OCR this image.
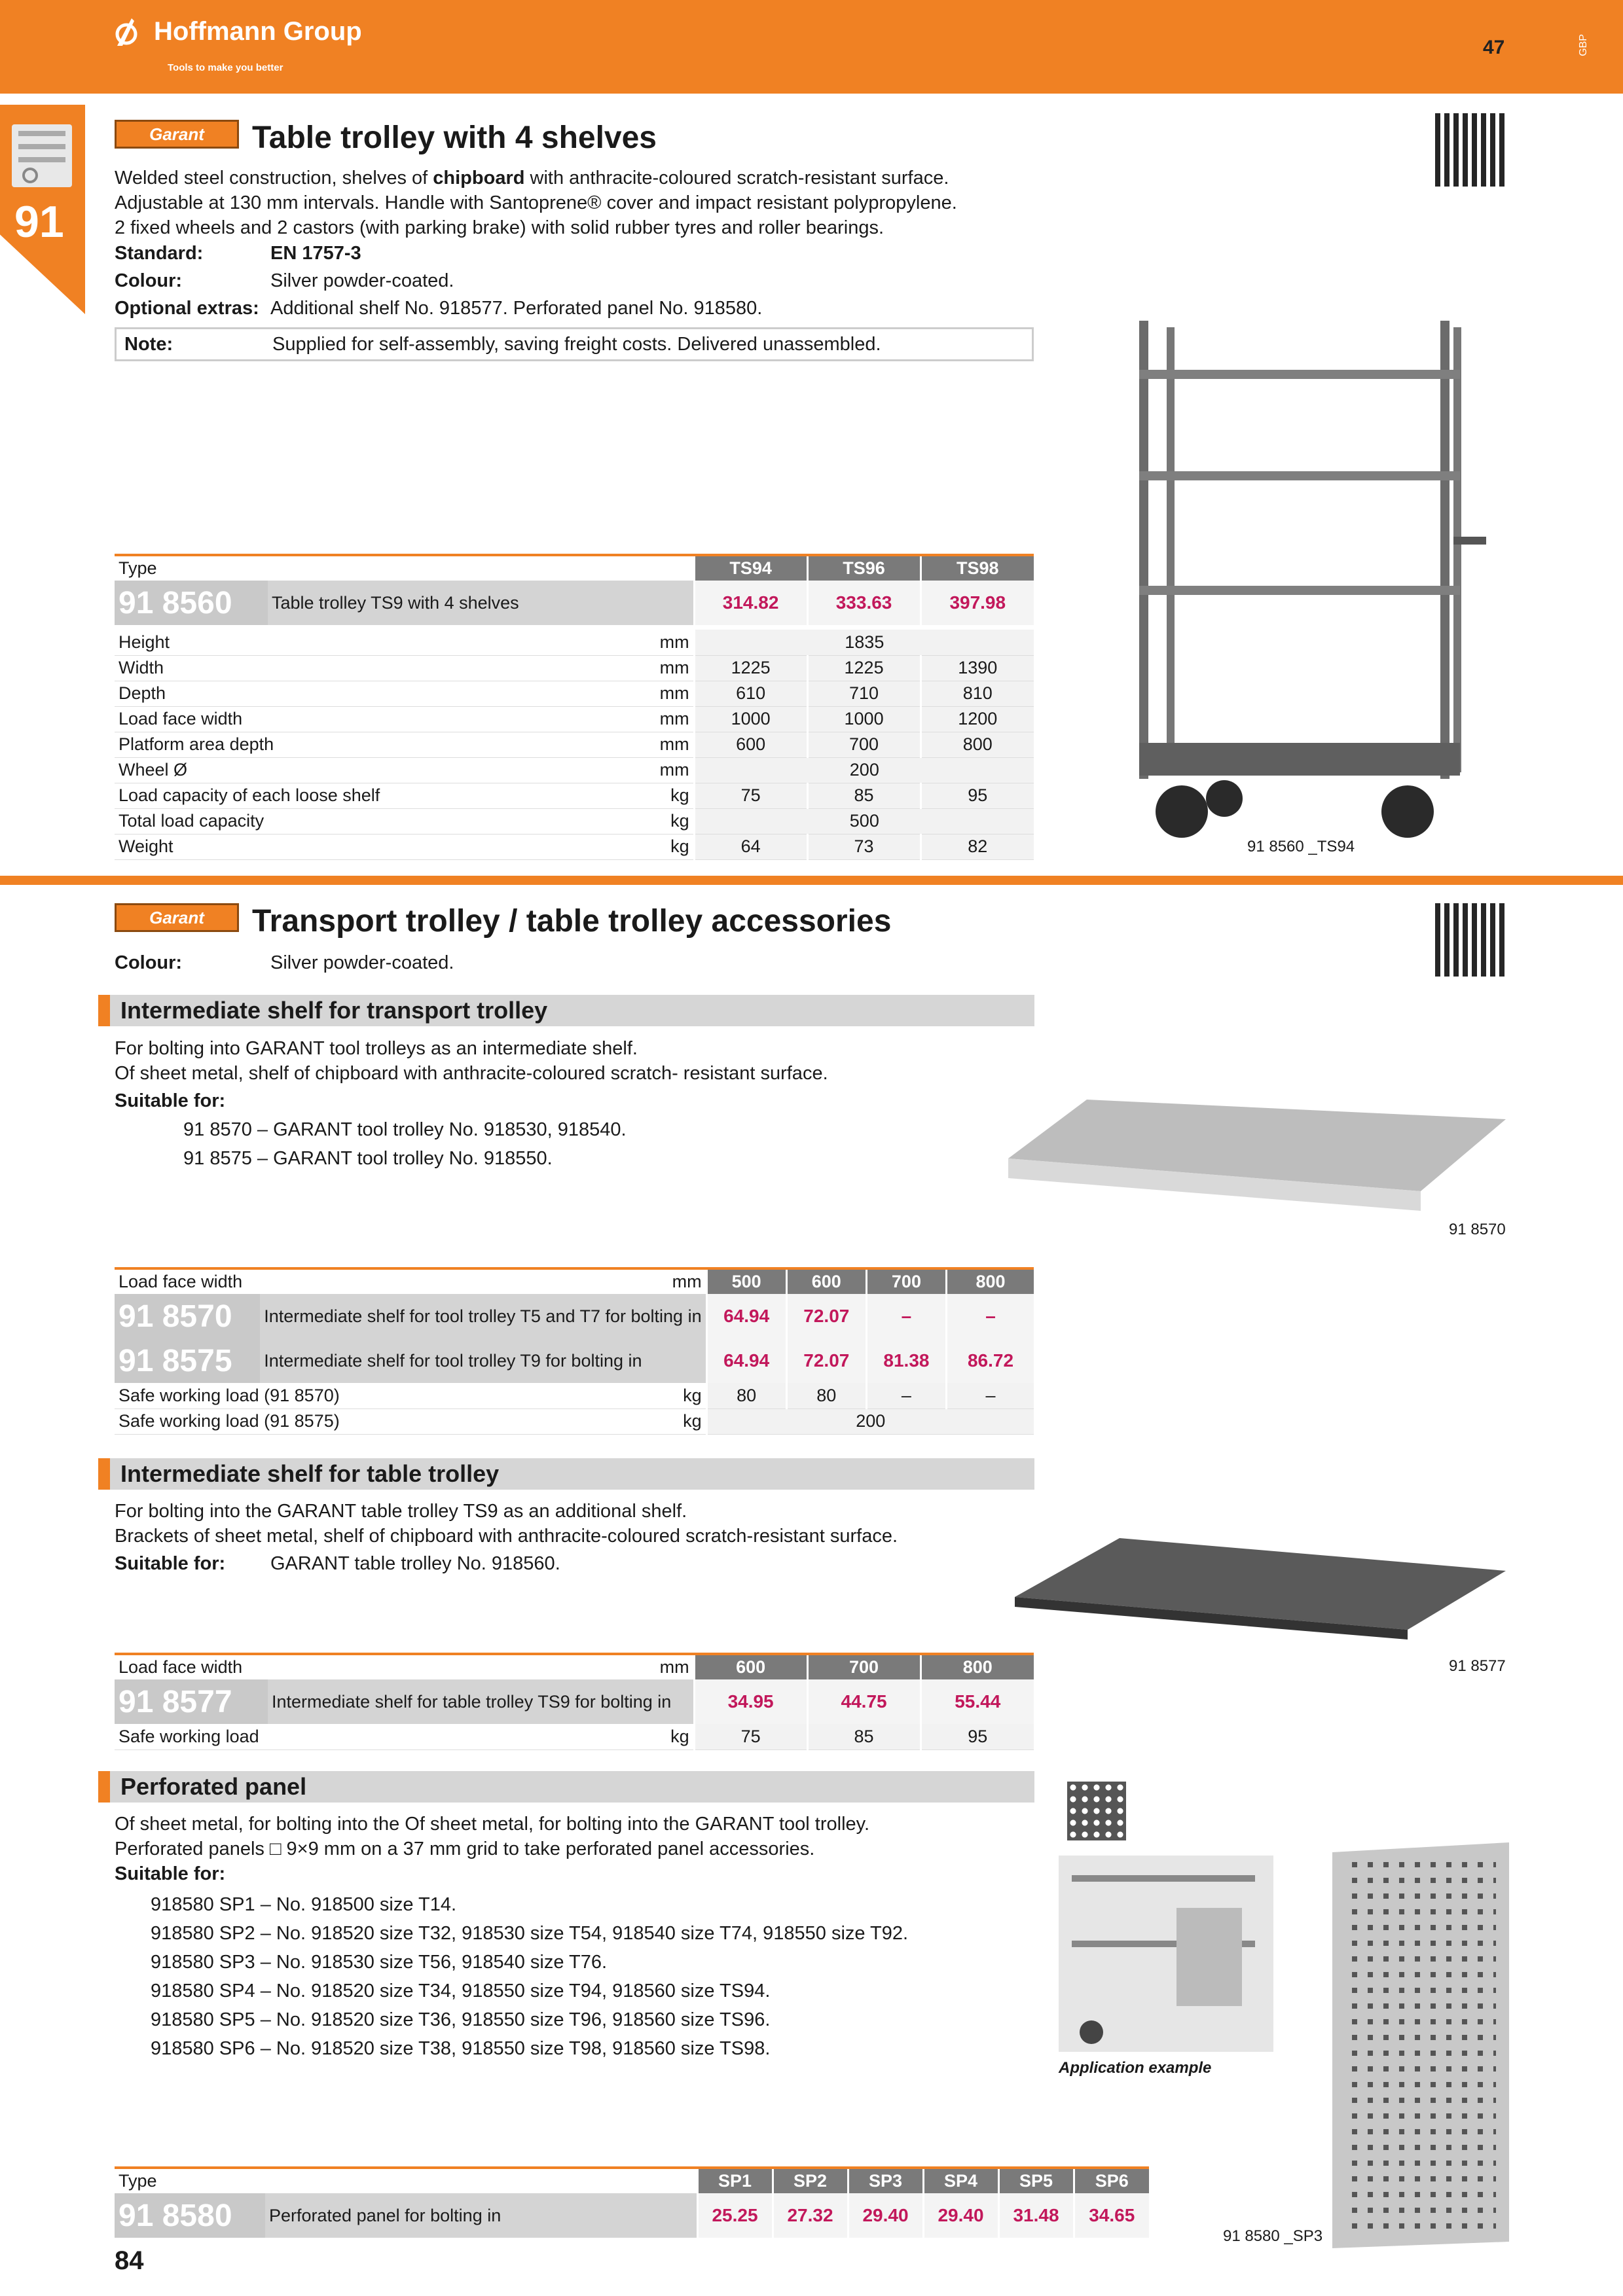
Hoffmann Group
Tools to make you better
47	GBP
91
Garant Table trolley with 4 shelves
Welded steel construction, shelves of chipboard with anthracite-coloured scratch-resistant surface.
Adjustable at 130 mm intervals. Handle with Santoprene® cover and impact resistant polypropylene.
2 fixed wheels and 2 castors (with parking brake) with solid rubber tyres and roller bearings.
Standard:	EN 1757-3
Colour:	Silver powder-coated.
Optional extras: Additional shelf No. 918577. Perforated panel No. 918580.
Note:	Supplied for self-assembly, saving freight costs. Delivered unassembled.
91 8560 _TS94
Type		TS94	TS96	TS98
91 8560	Table trolley TS9 with 4 shelves	314.82	333.63	397.98
Height	mm	1835		
Width	mm	1225	1225	1390
Depth	mm	610	710	810
Load face width	mm	1000	1000	1200
Platform area depth	mm	600	700	800
Wheel Ø	mm	200		
Load capacity of each loose shelf	kg	75	85	95
Total load capacity	kg	500		
Weight	kg	64	73	82
Garant Transport trolley / table trolley accessories
Colour:	Silver powder-coated.
Intermediate shelf for transport trolley
For bolting into GARANT tool trolleys as an intermediate shelf.
Of sheet metal, shelf of chipboard with anthracite-coloured scratch- resistant surface.
Suitable for:
91 8570 – GARANT tool trolley No. 918530, 918540.
91 8575 – GARANT tool trolley No. 918550.
91 8570
Load face width mm		500	600	700	800
91 8570	Intermediate shelf for tool trolley T5 and T7 for bolting in	64.94	72.07	–	–
91 8575	Intermediate shelf for tool trolley T9 for bolting in	64.94	72.07	81.38	86.72
Safe working load (91 8570) kg		80	80	–	–
Safe working load (91 8575) kg		200			
Intermediate shelf for table trolley
For bolting into the GARANT table trolley TS9 as an additional shelf.
Brackets of sheet metal, shelf of chipboard with anthracite-coloured scratch-resistant surface.
Suitable for:	GARANT table trolley No. 918560.
91 8577
Load face width mm		600	700	800
91 8577	Intermediate shelf for table trolley TS9 for bolting in	34.95	44.75	55.44
Safe working load kg		75	85	95
Perforated panel
Of sheet metal, for bolting into the Of sheet metal, for bolting into the GARANT tool trolley.
Perforated panels □ 9×9 mm on a 37 mm grid to take perforated panel accessories.
Suitable for:
918580 SP1 – No. 918500 size T14.
918580 SP2 – No. 918520 size T32, 918530 size T54, 918540 size T74, 918550 size T92.
918580 SP3 – No. 918530 size T56, 918540 size T76.
918580 SP4 – No. 918520 size T34, 918550 size T94, 918560 size TS94.
918580 SP5 – No. 918520 size T36, 918550 size T96, 918560 size TS96.
918580 SP6 – No. 918520 size T38, 918550 size T98, 918560 size TS98.
Application example
91 8580 _SP3
Type		SP1	SP2	SP3	SP4	SP5	SP6
91 8580	Perforated panel for bolting in	25.25	27.32	29.40	29.40	31.48	34.65
84
